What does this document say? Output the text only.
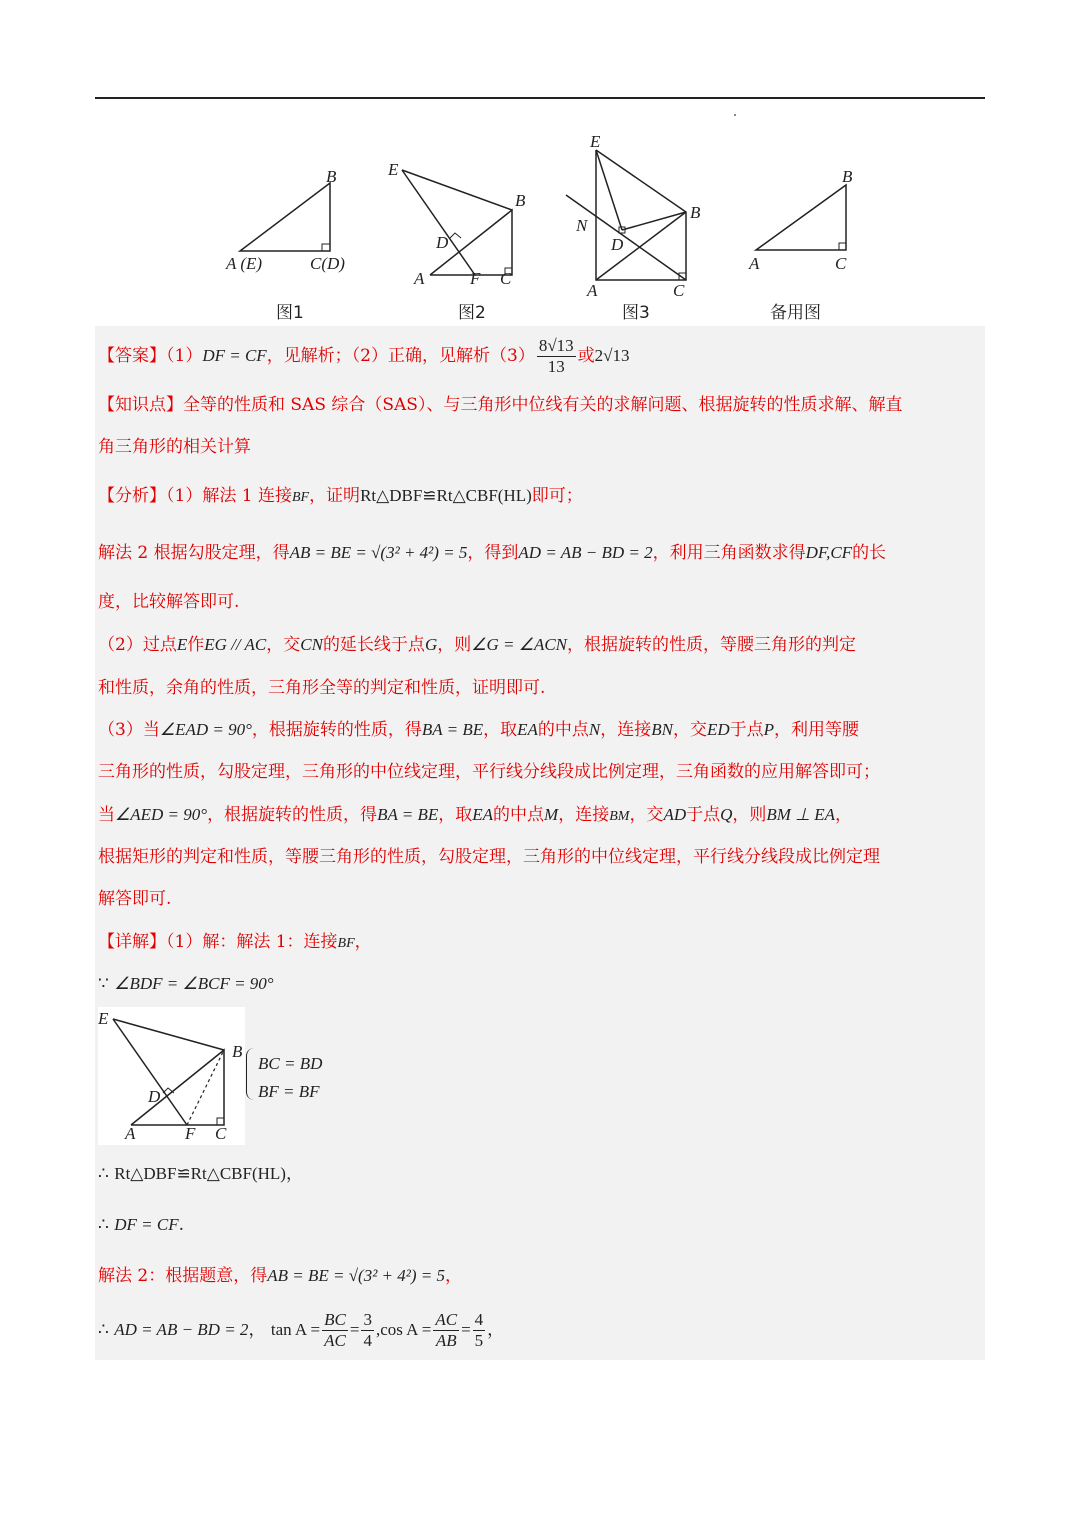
B
A (E)	C(D)
E
B
D
A	F C
E
B
N
D
A	C
B
A	C
图1	图2	图3	备用图
【答案】（1）DF = CF，见解析；（2）正确，见解析$(3) \frac{8√13}{13}$ 或2√13
【知识点】全等的性质和 SAS 综合（SAS）、与三角形中位线有关的求解问题、根据旋转的性质求解、解直
角三角形的相关计算
【分析】（1）解法 1 连接BF，证明Rt△DBF≌Rt△CBF(HL)即可；
解法 2 根据勾股定理，得AB = BE = √(3² + 4²) = 5，得到AD = AB − BD = 2，利用三角函数求得DF,CF的长
度，比较解答即可.
（2）过点E作EG // AC，交CN的延长线于点G，则∠G = ∠ACN，根据旋转的性质，等腰三角形的判定
和性质，余角的性质，三角形全等的判定和性质，证明即可.
（3）当∠EAD = 90°，根据旋转的性质，得BA = BE，取EA的中点N，连接BN，交ED于点P，利用等腰
三角形的性质，勾股定理，三角形的中位线定理，平行线分线段成比例定理，三角函数的应用解答即可；
当∠AED = 90°，根据旋转的性质，得BA = BE，取EA的中点M，连接BM，交AD于点Q，则BM ⊥ EA，
根据矩形的判定和性质，等腰三角形的性质，勾股定理，三角形的中位线定理，平行线分线段成比例定理
解答即可.
【详解】（1）解：解法 1：连接BF，
∵ ∠BDF = ∠BCF = 90°
E
B
D
A	F C
BC = BD
BF = BF
∴ Rt△DBF≌Rt△CBF(HL)，
∴ DF = CF.
解法 2：根据题意，得AB = BE = √(3² + 4²) = 5，
∴ AD = AB − BD = 2， $\tan A = \frac{BC}{AC} = \frac{3}{4} ,\cos$ $A = \frac{AC}{AB} = \frac{4}{5}$ ，
